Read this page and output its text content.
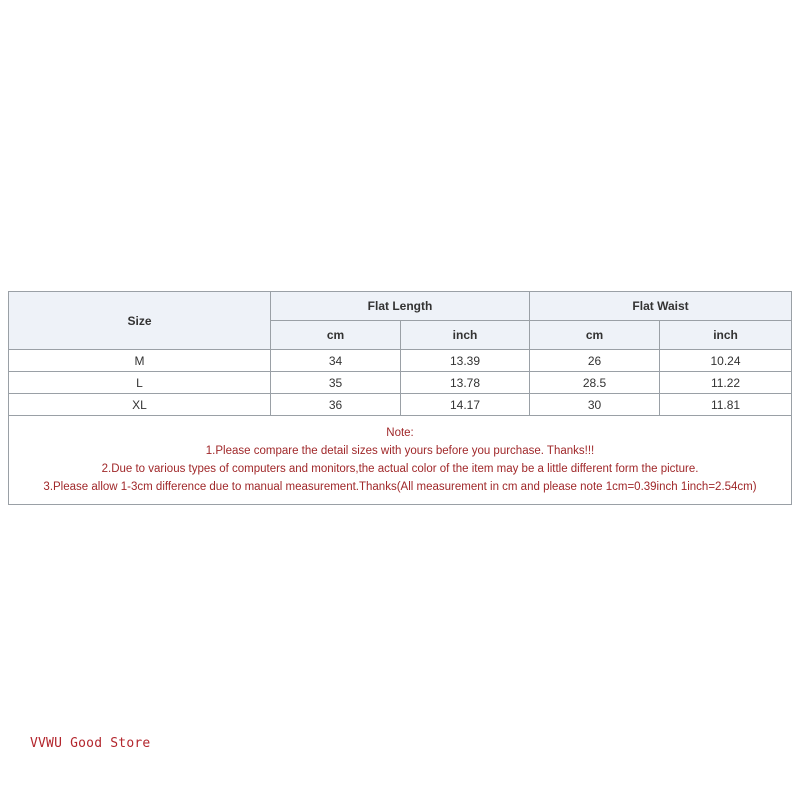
Size	Flat Length		Flat Waist	
	cm	inch	cm	inch
M	34	13.39	26	10.24
L	35	13.78	28.5	11.22
XL	36	14.17	30	11.81

Note:
1.Please compare the detail sizes with yours before you purchase. Thanks!!!
2.Due to various types of computers and monitors,the actual color of the item may be a little different form the picture.
3.Please allow 1-3cm difference due to manual measurement.Thanks(All measurement in cm and please note 1cm=0.39inch 1inch=2.54cm)				
VVWU Good Store
